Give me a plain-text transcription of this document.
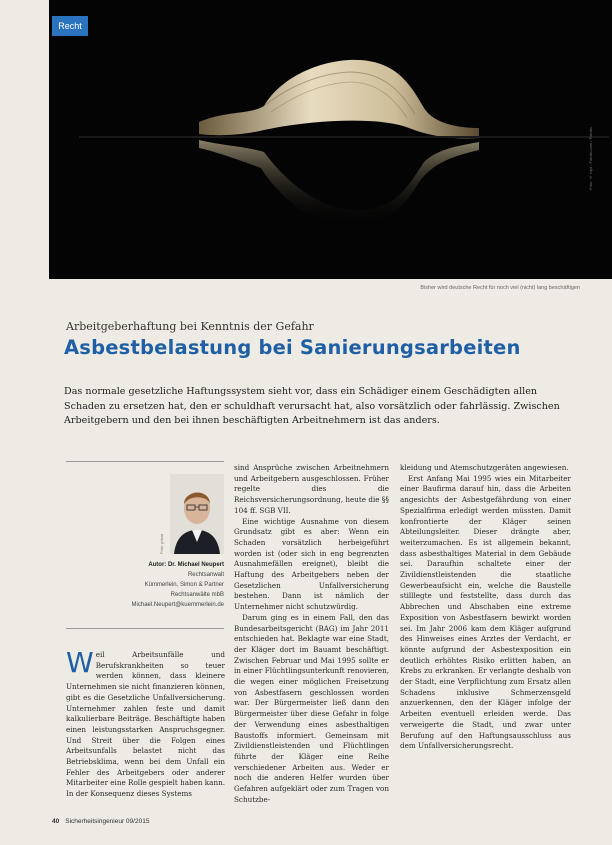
Recht
Foto: © mpt - Fotolia.com / Fotolia
Bisher wird deutsche Recht für noch viel (nicht) lang beschäftigen
Arbeitgeberhaftung bei Kenntnis der Gefahr
Asbestbelastung bei Sanierungsarbeiten
Das normale gesetzliche Haftungssystem sieht vor, dass ein Schädiger einem Geschädigten allen Schaden zu ersetzen hat, den er schuldhaft verursacht hat, also vorsätzlich oder fahrlässig. Zwischen Arbeitgebern und den bei ihnen beschäftigten Arbeitnehmern ist das anders.
Foto: privat
Autor: Dr. Michael Neupert
Rechtsanwalt
Kümmerlein, Simon & Partner
Rechtsanwälte mbB
Michael.Neupert@kuemmerlein.de
Weil Arbeitsunfälle und Berufskrankheiten so teuer werden können, dass kleinere Unternehmen sie nicht finanzieren können, gibt es die Gesetzliche Unfallversicherung. Unternehmer zahlen feste und damit kalkulierbare Beiträge. Beschäftigte haben einen leistungsstarken Anspruchsgegner. Und Streit über die Folgen eines Arbeitsunfalls belastet nicht das Betriebsklima, wenn bei dem Unfall ein Fehler des Arbeitgebers oder anderer Mitarbeiter eine Rolle gespielt haben kann. In der Konsequenz dieses Systems

sind Ansprüche zwischen Arbeitnehmern und Arbeitgebern ausgeschlossen. Früher regelte dies die Reichsversicherungsordnung, heute die §§ 104 ff. SGB VII.

Eine wichtige Ausnahme von diesem Grundsatz gibt es aber: Wenn ein Schaden vorsätzlich herbeigeführt worden ist (oder sich in eng begrenzten Ausnahmefällen ereignet), bleibt die Haftung des Arbeitgebers neben der Gesetzlichen Unfallversicherung bestehen. Dann ist nämlich der Unternehmer nicht schutzwürdig.

Darum ging es in einem Fall, den das Bundesarbeitsgericht (BAG) im Jahr 2011 entschieden hat. Beklagte war eine Stadt, der Kläger dort im Bauamt beschäftigt. Zwischen Februar und Mai 1995 sollte er in einer Flüchtlingsunterkunft renovieren, die wegen einer möglichen Freisetzung von Asbestfasern geschlossen worden war. Der Bürgermeister ließ dann den Bürgermeister über diese Gefahr in folge der Verwendung eines asbesthaltigen Baustoffs informiert. Gemeinsam mit Zivildienstleistenden und Flüchtlingen führte der Kläger eine Reihe verschiedener Arbeiten aus. Weder er noch die anderen Helfer wurden über Gefahren aufgeklärt oder zum Tragen von Schutzbe-

kleidung und Atemschutzgeräten angewiesen.

Erst Anfang Mai 1995 wies ein Mitarbeiter einer Baufirma darauf hin, dass die Arbeiten angesichts der Asbestgefährdung von einer Spezialfirma erledigt werden müssten. Damit konfrontierte der Kläger seinen Abteilungsleiter. Dieser drängte aber, weiterzumachen. Es ist allgemein bekannt, dass asbesthaltiges Material in dem Gebäude sei. Daraufhin schaltete einer der Zivildienstleistenden die staatliche Gewerbeaufsicht ein, welche die Baustelle stilllegte und feststellte, dass durch das Abbrechen und Abschaben eine extreme Exposition von Asbestfasern bewirkt worden sei. Im Jahr 2006 kam dem Kläger aufgrund des Hinweises eines Arztes der Verdacht, er könnte aufgrund der Asbestexposition ein deutlich erhöhtes Risiko erlitten haben, an Krebs zu erkranken. Er verlangte deshalb von der Stadt, eine Verpflichtung zum Ersatz allen Schadens inklusive Schmerzensgeld anzuerkennen, den der Kläger infolge der Arbeiten eventuell erleiden werde. Das verweigerte die Stadt, und zwar unter Berufung auf den Haftungsausschluss aus dem Unfallversicherungsrecht.

40 Sicherheitsingenieur 09/2015
